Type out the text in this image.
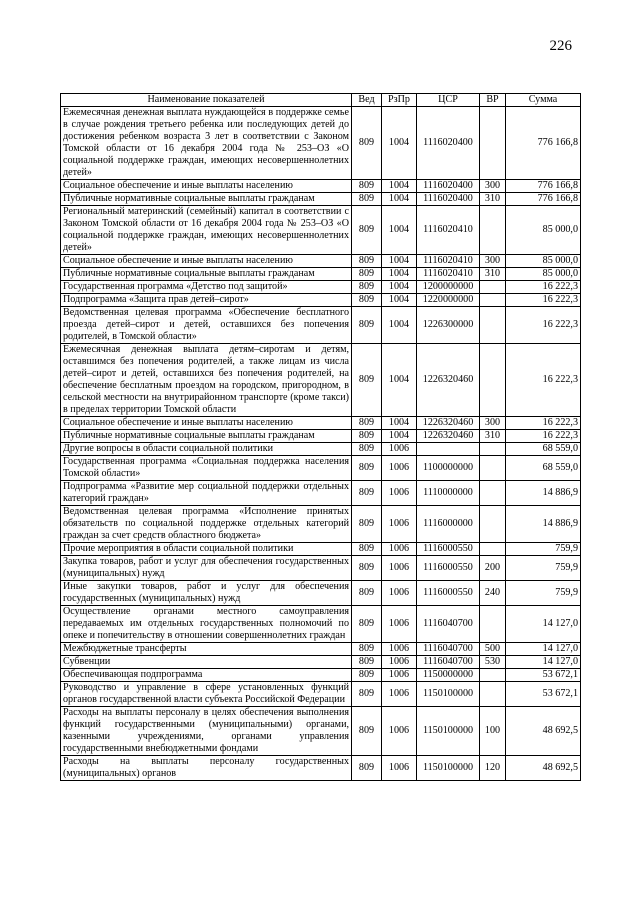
226
Наименование показателей	Вед	РзПр	ЦСР	ВР	Сумма
Ежемесячная денежная выплата нуждающейся в поддержке семье в случае рождения третьего ребенка или последующих детей до достижения ребенком возраста 3 лет в соответствии с Законом Томской области от 16 декабря 2004 года № 253–ОЗ «О социальной поддержке граждан, имеющих несовершеннолетних детей»	809	1004	1116020400		776 166,8
Социальное обеспечение и иные выплаты населению	809	1004	1116020400	300	776 166,8
Публичные нормативные социальные выплаты гражданам	809	1004	1116020400	310	776 166,8
Региональный материнский (семейный) капитал в соответствии с Законом Томской области от 16 декабря 2004 года № 253–ОЗ «О социальной поддержке граждан, имеющих несовершеннолетних детей»	809	1004	1116020410		85 000,0
Социальное обеспечение и иные выплаты населению	809	1004	1116020410	300	85 000,0
Публичные нормативные социальные выплаты гражданам	809	1004	1116020410	310	85 000,0
Государственная программа «Детство под защитой»	809	1004	1200000000		16 222,3
Подпрограмма «Защита прав детей–сирот»	809	1004	1220000000		16 222,3
Ведомственная целевая программа «Обеспечение бесплатного проезда детей–сирот и детей, оставшихся без попечения родителей, в Томской области»	809	1004	1226300000		16 222,3
Ежемесячная денежная выплата детям–сиротам и детям, оставшимся без попечения родителей, а также лицам из числа детей–сирот и детей, оставшихся без попечения родителей, на обеспечение бесплатным проездом на городском, пригородном, в сельской местности на внутрирайонном транспорте (кроме такси) в пределах территории Томской области	809	1004	1226320460		16 222,3
Социальное обеспечение и иные выплаты населению	809	1004	1226320460	300	16 222,3
Публичные нормативные социальные выплаты гражданам	809	1004	1226320460	310	16 222,3
Другие вопросы в области социальной политики	809	1006			68 559,0
Государственная программа «Социальная поддержка населения Томской области»	809	1006	1100000000		68 559,0
Подпрограмма «Развитие мер социальной поддержки отдельных категорий граждан»	809	1006	1110000000		14 886,9
Ведомственная целевая программа «Исполнение принятых обязательств по социальной поддержке отдельных категорий граждан за счет средств областного бюджета»	809	1006	1116000000		14 886,9
Прочие мероприятия в области социальной политики	809	1006	1116000550		759,9
Закупка товаров, работ и услуг для обеспечения государственных (муниципальных) нужд	809	1006	1116000550	200	759,9
Иные закупки товаров, работ и услуг для обеспечения государственных (муниципальных) нужд	809	1006	1116000550	240	759,9
Осуществление органами местного самоуправления передаваемых им отдельных государственных полномочий по опеке и попечительству в отношении совершеннолетних граждан	809	1006	1116040700		14 127,0
Межбюджетные трансферты	809	1006	1116040700	500	14 127,0
Субвенции	809	1006	1116040700	530	14 127,0
Обеспечивающая подпрограмма	809	1006	1150000000		53 672,1
Руководство и управление в сфере установленных функций органов государственной власти субъекта Российской Федерации	809	1006	1150100000		53 672,1
Расходы на выплаты персоналу в целях обеспечения выполнения функций государственными (муниципальными) органами, казенными учреждениями, органами управления государственными внебюджетными фондами	809	1006	1150100000	100	48 692,5
Расходы на выплаты персоналу государственных (муниципальных) органов	809	1006	1150100000	120	48 692,5
